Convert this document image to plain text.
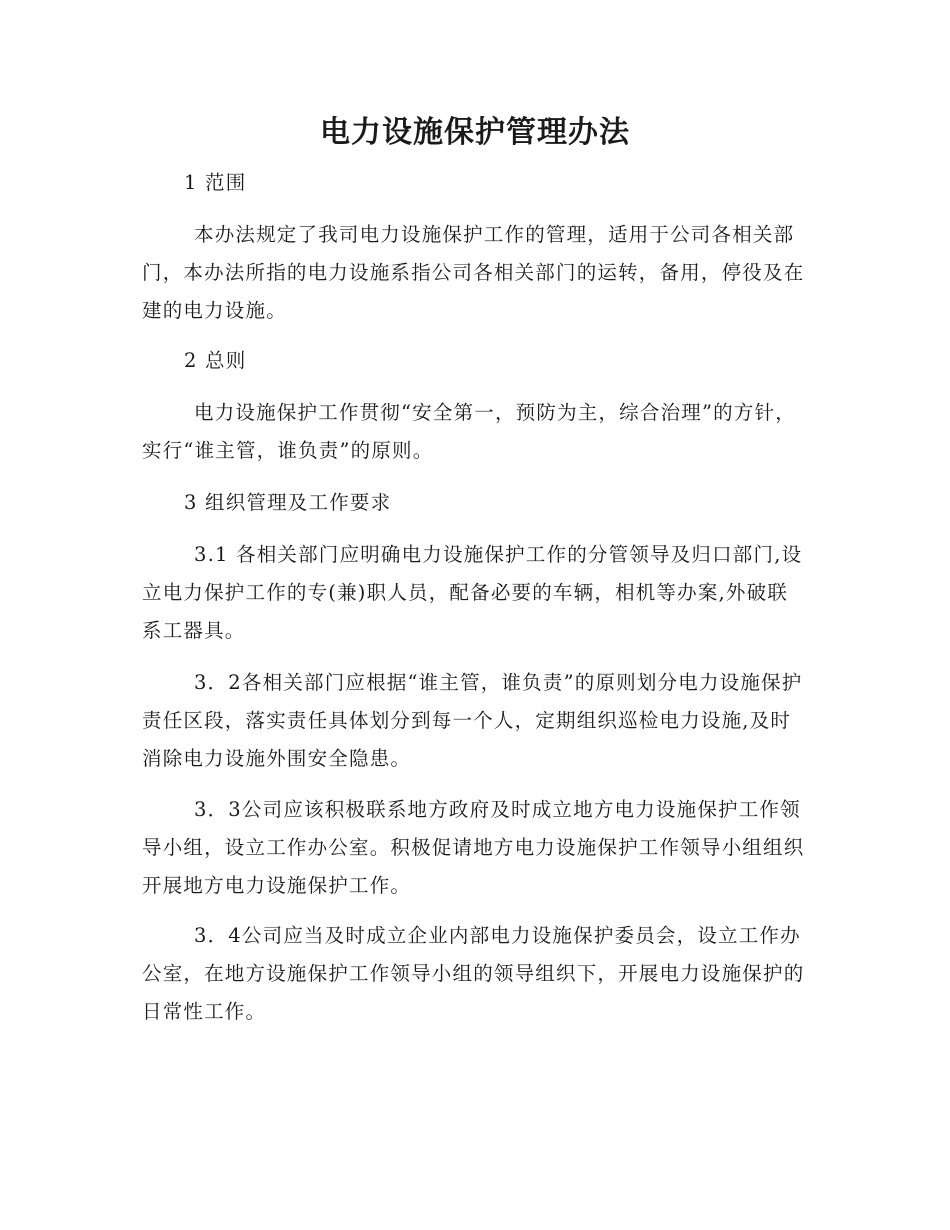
电力设施保护管理办法

1 范围

本办法规定了我司电力设施保护工作的管理，适用于公司各相关部门，本办法所指的电力设施系指公司各相关部门的运转，备用，停役及在建的电力设施。

2 总则

电力设施保护工作贯彻“安全第一，预防为主，综合治理”的方针，实行“谁主管，谁负责”的原则。

3 组织管理及工作要求

3.1 各相关部门应明确电力设施保护工作的分管领导及归口部门,设立电力保护工作的专(兼)职人员，配备必要的车辆，相机等办案,外破联系工器具。

3．2各相关部门应根据“谁主管，谁负责”的原则划分电力设施保护责任区段，落实责任具体划分到每一个人，定期组织巡检电力设施,及时消除电力设施外围安全隐患。

3．3公司应该积极联系地方政府及时成立地方电力设施保护工作领导小组，设立工作办公室。积极促请地方电力设施保护工作领导小组组织开展地方电力设施保护工作。

3．4公司应当及时成立企业内部电力设施保护委员会，设立工作办公室，在地方设施保护工作领导小组的领导组织下，开展电力设施保护的日常性工作。
